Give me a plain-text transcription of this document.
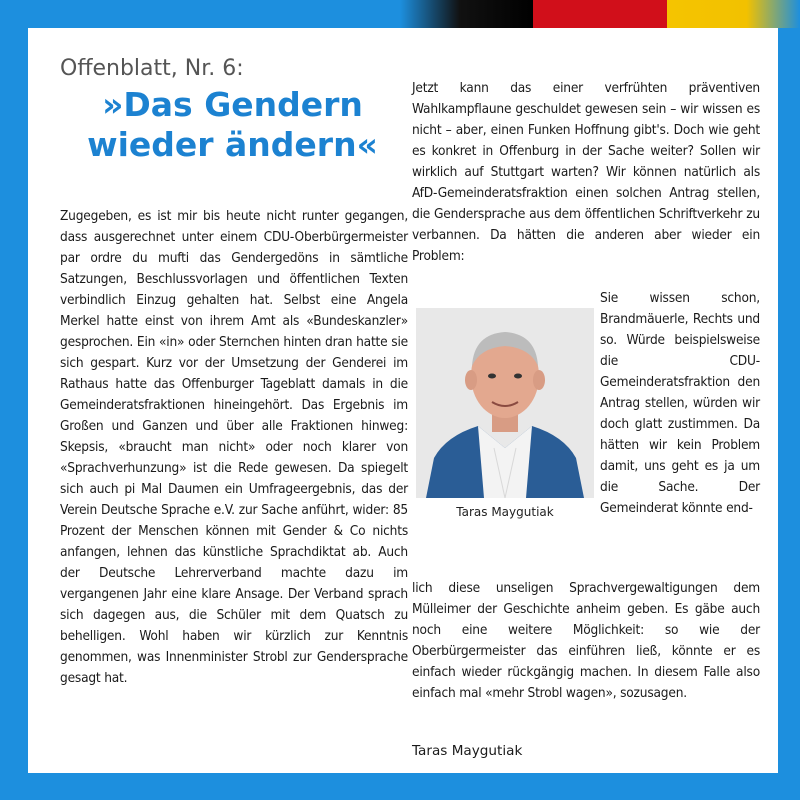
Offenblatt, Nr. 6:

»Das Gendern
wieder ändern«
Zugegeben, es ist mir bis heute nicht runter gegangen, dass ausgerechnet unter einem CDU-Oberbürgermeister par ordre du mufti das Gendergedöns in sämtliche Satzungen, Beschlussvorlagen und öffentlichen Texten verbindlich Einzug gehalten hat. Selbst eine Angela Merkel hatte einst von ihrem Amt als «Bundeskanzler» gesprochen. Ein «in» oder Sternchen hinten dran hatte sie sich gespart. Kurz vor der Umsetzung der Genderei im Rathaus hatte das Offenburger Tageblatt damals in die Gemeinderatsfraktionen hineingehört. Das Ergebnis im Großen und Ganzen und über alle Fraktionen hinweg: Skepsis, «braucht man nicht» oder noch klarer von «Sprachverhunzung» ist die Rede gewesen. Da spiegelt sich auch pi Mal Daumen ein Umfrageergebnis, das der Verein Deutsche Sprache e.V. zur Sache anführt, wider: 85 Prozent der Menschen können mit Gender & Co nichts anfangen, lehnen das künstliche Sprachdiktat ab. Auch der Deutsche Lehrerverband machte dazu im vergangenen Jahr eine klare Ansage. Der Verband sprach sich dagegen aus, die Schüler mit dem Quatsch zu behelligen. Wohl haben wir kürzlich zur Kenntnis genommen, was Innenminister Strobl zur Gendersprache gesagt hat.
Jetzt kann das einer verfrühten präventiven Wahlkampflaune geschuldet gewesen sein – wir wissen es nicht – aber, einen Funken Hoffnung gibt's. Doch wie geht es konkret in Offenburg in der Sache weiter? Sollen wir wirklich auf Stuttgart warten? Wir können natürlich als AfD-Gemeinderatsfraktion einen solchen Antrag stellen, die Gendersprache aus dem öffentlichen Schriftverkehr zu verbannen. Da hätten die anderen aber wieder ein Problem:
Taras Maygutiak
Sie wissen schon, Brandmäuerle, Rechts und so. Würde beispielsweise die CDU-Gemeinderatsfraktion den Antrag stellen, würden wir doch glatt zustimmen. Da hätten wir kein Problem damit, uns geht es ja um die Sache. Der Gemeinderat könnte end-
lich diese unseligen Sprachvergewaltigungen dem Mülleimer der Geschichte anheim geben. Es gäbe auch noch eine weitere Möglichkeit: so wie der Oberbürgermeister das einführen ließ, könnte er es einfach wieder rückgängig machen. In diesem Falle also einfach mal «mehr Strobl wagen», sozusagen.
Taras Maygutiak
